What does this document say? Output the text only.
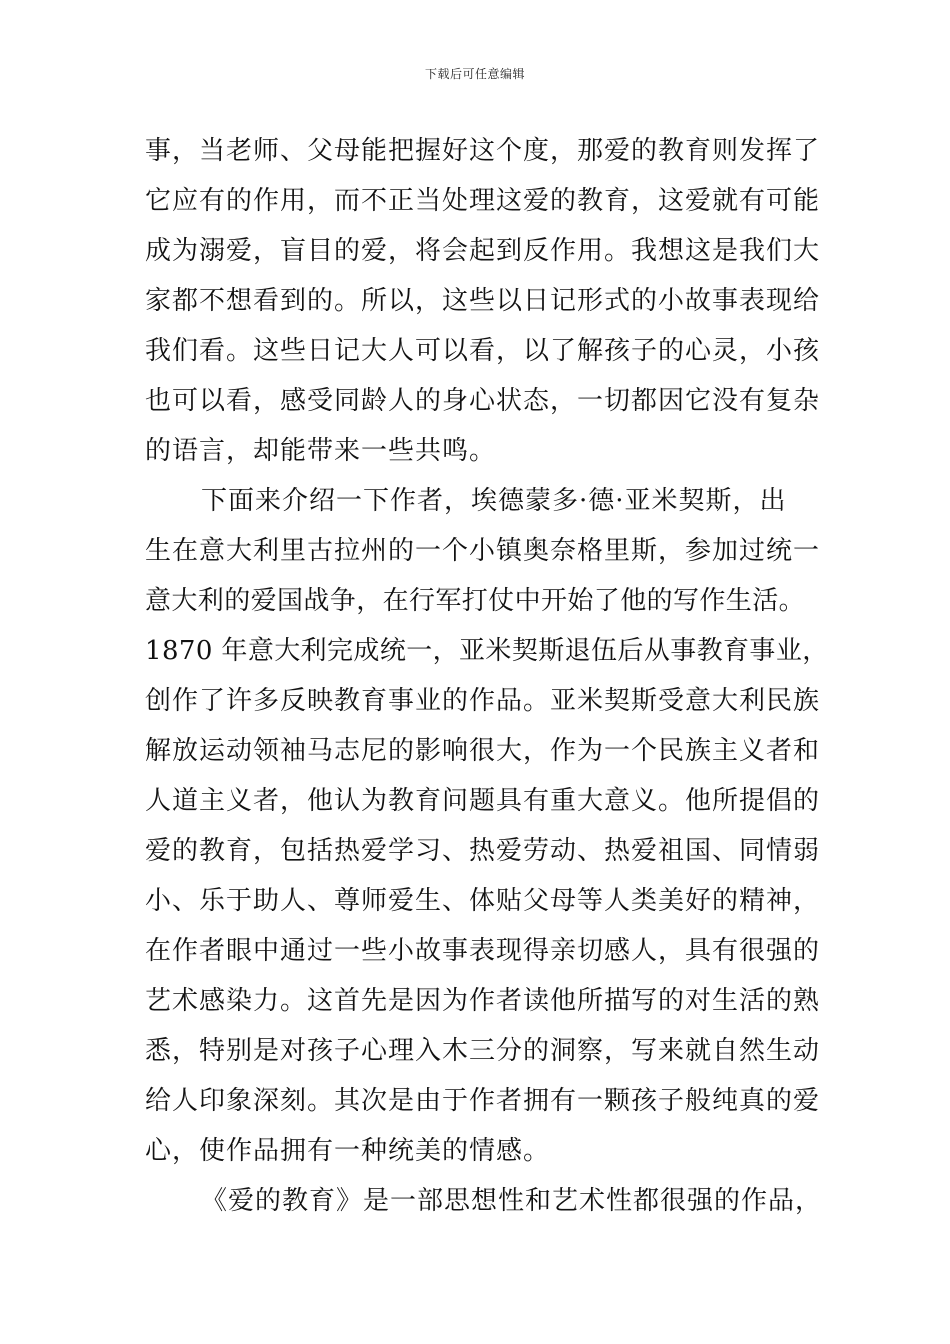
下载后可任意编辑
事，当老师、父母能把握好这个度，那爱的教育则发挥了
它应有的作用，而不正当处理这爱的教育，这爱就有可能
成为溺爱，盲目的爱，将会起到反作用。我想这是我们大
家都不想看到的。所以，这些以日记形式的小故事表现给
我们看。这些日记大人可以看，以了解孩子的心灵，小孩
也可以看，感受同龄人的身心状态，一切都因它没有复杂
的语言，却能带来一些共鸣。
下面来介绍一下作者，埃德蒙多·德·亚米契斯，出
生在意大利里古拉州的一个小镇奥奈格里斯，参加过统一
意大利的爱国战争，在行军打仗中开始了他的写作生活。
1870 年意大利完成统一，亚米契斯退伍后从事教育事业，
创作了许多反映教育事业的作品。亚米契斯受意大利民族
解放运动领袖马志尼的影响很大，作为一个民族主义者和
人道主义者，他认为教育问题具有重大意义。他所提倡的
爱的教育，包括热爱学习、热爱劳动、热爱祖国、同情弱
小、乐于助人、尊师爱生、体贴父母等人类美好的精神，
在作者眼中通过一些小故事表现得亲切感人，具有很强的
艺术感染力。这首先是因为作者读他所描写的对生活的熟
悉，特别是对孩子心理入木三分的洞察，写来就自然生动
给人印象深刻。其次是由于作者拥有一颗孩子般纯真的爱
心，使作品拥有一种统美的情感。
《爱的教育》是一部思想性和艺术性都很强的作品，
